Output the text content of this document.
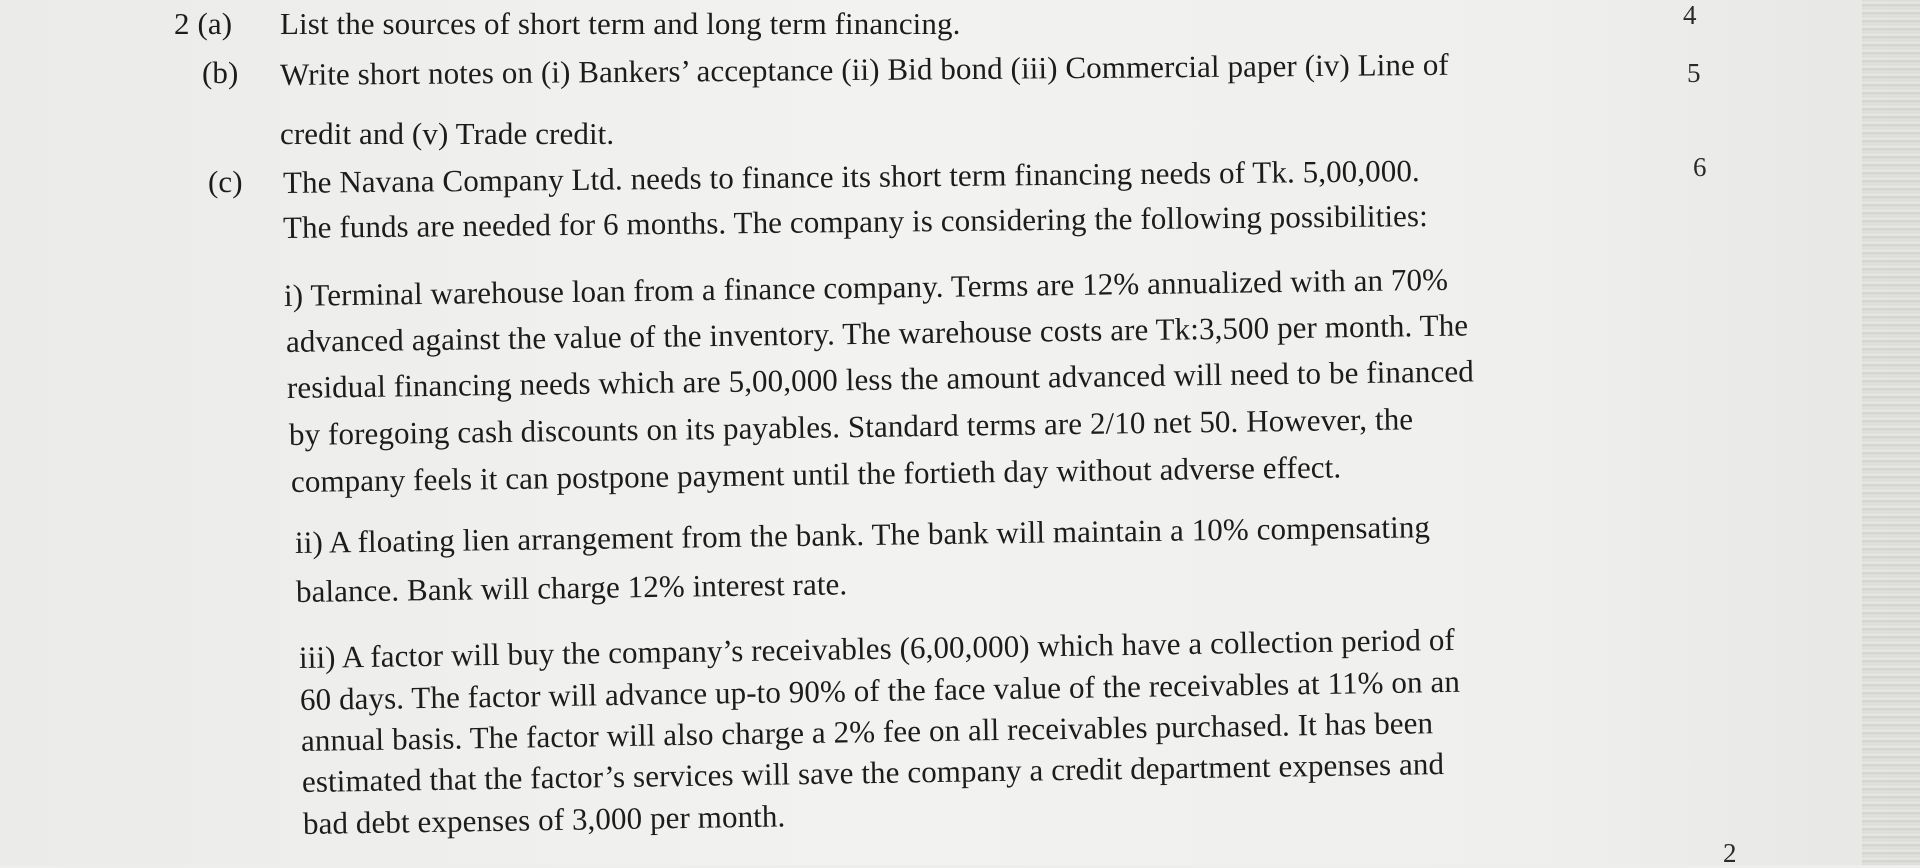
2 (a) List the sources of short term and long term financing.	4
(b) Write short notes on (i) Bankers’ acceptance (ii) Bid bond (iii) Commercial paper (iv) Line of
credit and (v) Trade credit.
5
(c) The Navana Company Ltd. needs to finance its short term financing needs of Tk. 5,00,000.
The funds are needed for 6 months. The company is considering the following possibilities:
6
i) Terminal warehouse loan from a finance company. Terms are 12% annualized with an 70%
advanced against the value of the inventory. The warehouse costs are Tk:3,500 per month. The
residual financing needs which are 5,00,000 less the amount advanced will need to be financed
by foregoing cash discounts on its payables. Standard terms are 2/10 net 50. However, the
company feels it can postpone payment until the fortieth day without adverse effect.
ii) A floating lien arrangement from the bank. The bank will maintain a 10% compensating
balance. Bank will charge 12% interest rate.
iii) A factor will buy the company’s receivables (6,00,000) which have a collection period of
60 days. The factor will advance up-to 90% of the face value of the receivables at 11% on an
annual basis. The factor will also charge a 2% fee on all receivables purchased. It has been
estimated that the factor’s services will save the company a credit department expenses and
bad debt expenses of 3,000 per month.
2
